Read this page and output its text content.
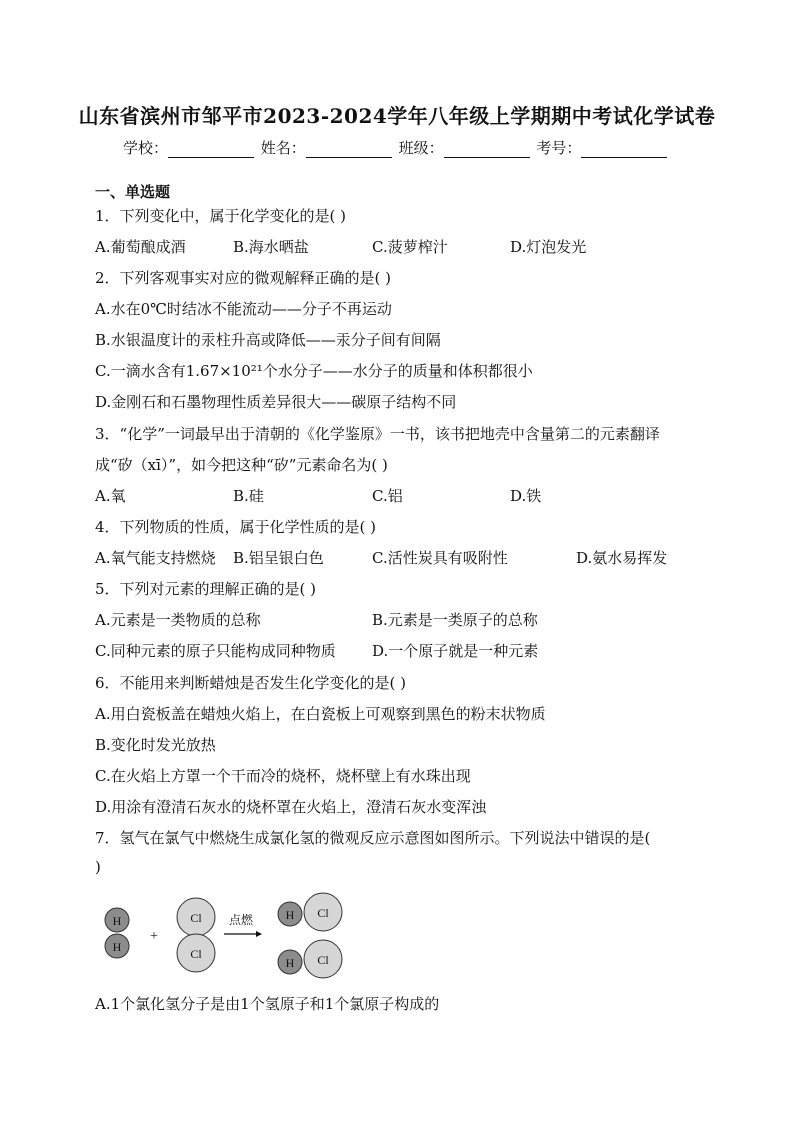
山东省滨州市邹平市2023-2024学年八年级上学期期中考试化学试卷
学校：	姓名：	班级：	考号：
一、单选题
1．下列变化中，属于化学变化的是( )
A.葡萄酿成酒	B.海水晒盐	C.菠萝榨汁	D.灯泡发光
2．下列客观事实对应的微观解释正确的是( )
A.水在0℃时结冰不能流动——分子不再运动
B.水银温度计的汞柱升高或降低——汞分子间有间隔
C.一滴水含有1.67×10²¹个水分子——水分子的质量和体积都很小
D.金刚石和石墨物理性质差异很大——碳原子结构不同
3．“化学”一词最早出于清朝的《化学鉴原》一书，该书把地壳中含量第二的元素翻译
成“矽（xī）”，如今把这种“矽”元素命名为( )
A.氧	B.硅	C.铝	D.铁
4．下列物质的性质，属于化学性质的是( )
A.氧气能支持燃烧 B.铝呈银白色	C.活性炭具有吸附性	D.氨水易挥发
5．下列对元素的理解正确的是( )
A.元素是一类物质的总称	B.元素是一类原子的总称
C.同种元素的原子只能构成同种物质 D.一个原子就是一种元素
6．不能用来判断蜡烛是否发生化学变化的是( )
A.用白瓷板盖在蜡烛火焰上，在白瓷板上可观察到黑色的粉末状物质
B.变化时发光放热
C.在火焰上方罩一个干而冷的烧杯，烧杯壁上有水珠出现
D.用涂有澄清石灰水的烧杯罩在火焰上，澄清石灰水变浑浊
7．氢气在氯气中燃烧生成氯化氢的微观反应示意图如图所示。下列说法中错误的是(
)
H
H
+
Cl
Cl
点燃	H Cl
H Cl
A.1个氯化氢分子是由1个氢原子和1个氯原子构成的
